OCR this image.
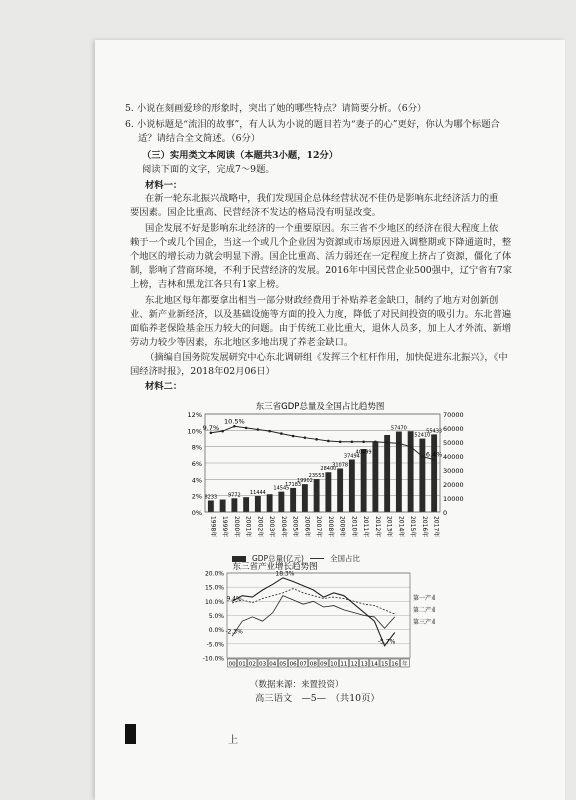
5. 小说在刻画爱珍的形象时，突出了她的哪些特点？请简要分析。（6分）
6. 小说标题是“流泪的故事”，有人认为小说的题目若为“妻子的心”更好，你认为哪个标题合
适？请结合全文简述。（6分）
（三）实用类文本阅读（本题共3小题，12分）
阅读下面的文字，完成7～9题。
材料一：
在新一轮东北振兴战略中，我们发现国企总体经营状况不佳仍是影响东北经济活力的重
要因素。国企比重高、民营经济不发达的格局没有明显改变。
国企发展不好是影响东北经济的一个重要原因。东三省不少地区的经济在很大程度上依
赖于一个或几个国企，当这一个或几个企业因为资源或市场原因进入调整期或下降通道时，整
个地区的增长动力就会明显下滑。国企比重高、活力弱还在一定程度上挤占了资源，僵化了体
制，影响了营商环境，不利于民营经济的发展。2016年中国民营企业500强中，辽宁省有7家
上榜，吉林和黑龙江各只有1家上榜。
东北地区每年都要拿出相当一部分财政经费用于补贴养老金缺口，制约了地方对创新创
业、新产业新经济，以及基础设施等方面的投入力度，降低了对民间投资的吸引力。东北普遍
面临养老保险基金压力较大的问题。由于传统工业比重大，退休人员多，加上人才外流、新增
劳动力较少等因素，东北地区多地出现了养老金缺口。
（摘编自国务院发展研究中心东北调研组《发挥三个杠杆作用，加快促进东北振兴》，《中
国经济时报》，2018年02月06日）
材料二：
东三省GDP总量及全国占比趋势图
8233 9772 11444
14545
17183
19902
23553
28400
31078
37494
40499
57470
52410
55433
9.7%
10.5%
6.4%
12%
10%
8%
6%
4%
2%
0%
70000
60000
50000
40000
30000
20000
10000
0
1998年 1999年 2000年 2001年 2002年 2003年 2004年 2005年 2006年 2007年 2008年 2009年 2010年 2011年 2012年 2013年 2014年 2015年 2016年 2017年
GDP总量(亿元)	全国占比
东三省产业增长趋势图
18.3%
9.4%
-2.3%
-5.7%
第一产业
第二产业
第三产业
20.0%
15.0%
10.0%
5.0%
0.0%
-5.0%
-10.0%
00 01 02 03 04 05 06 07 08 09 10 11 12 13 14 15 16 年
（数据来源：来置投资）
高三语文　—5—　（共10页）
上
